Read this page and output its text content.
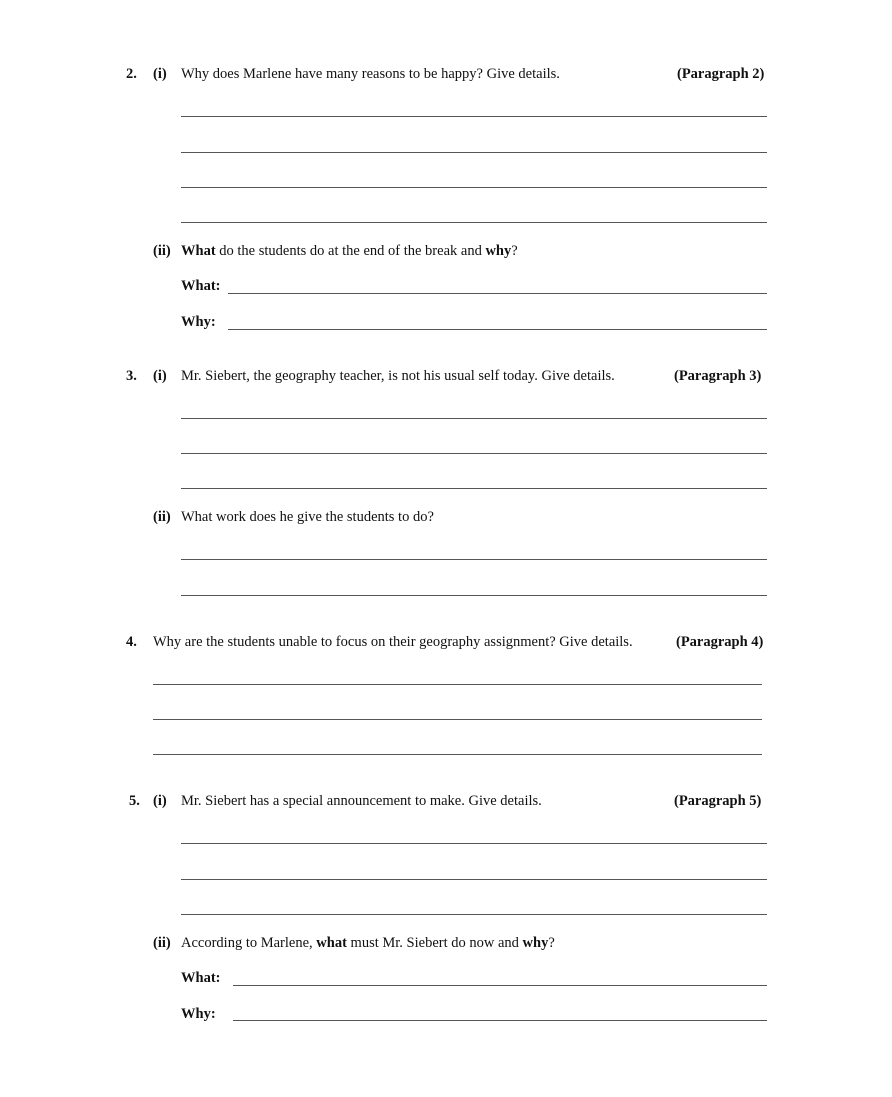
2. (i) Why does Marlene have many reasons to be happy? Give details.	(Paragraph 2)
(ii) What do the students do at the end of the break and why?
What:
Why:
3. (i) Mr. Siebert, the geography teacher, is not his usual self today. Give details.	(Paragraph 3)
(ii) What work does he give the students to do?
4. Why are the students unable to focus on their geography assignment? Give details.	(Paragraph 4)
5. (i) Mr. Siebert has a special announcement to make. Give details.	(Paragraph 5)
(ii) According to Marlene, what must Mr. Siebert do now and why?
What:
Why:
